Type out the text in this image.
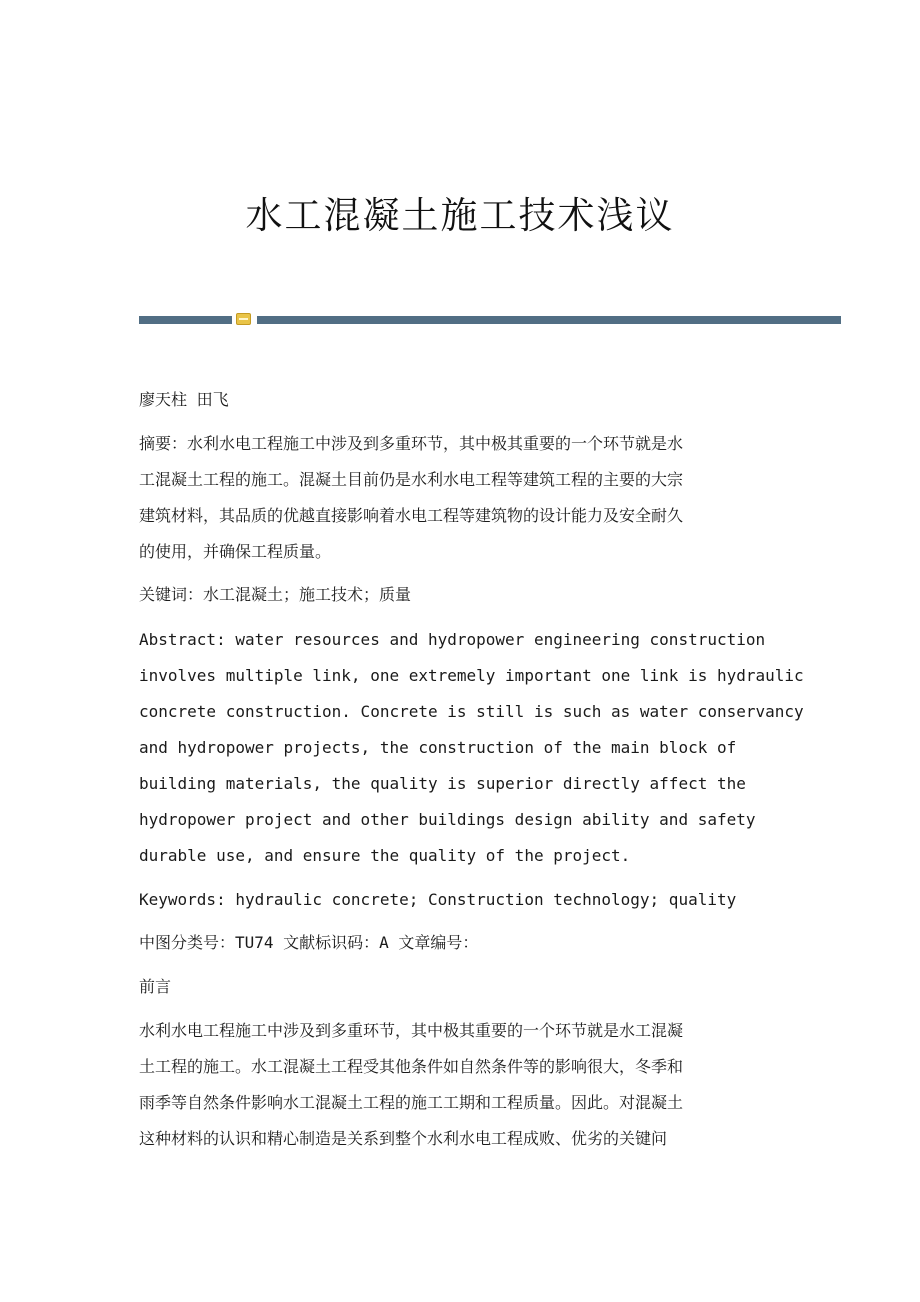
水工混凝土施工技术浅议

廖天柱 田飞

摘要：水利水电工程施工中涉及到多重环节，其中极其重要的一个环节就是水
工混凝土工程的施工。混凝土目前仍是水利水电工程等建筑工程的主要的大宗
建筑材料，其品质的优越直接影响着水电工程等建筑物的设计能力及安全耐久
的使用，并确保工程质量。

关键词：水工混凝土；施工技术；质量

Abstract: water resources and hydropower engineering construction
involves multiple link, one extremely important one link is hydraulic
concrete construction. Concrete is still is such as water conservancy
and hydropower projects, the construction of the main block of
building materials, the quality is superior directly affect the
hydropower project and other buildings design ability and safety
durable use, and ensure the quality of the project.

Keywords: hydraulic concrete; Construction technology; quality

中图分类号：TU74 文献标识码：A 文章编号：

前言

水利水电工程施工中涉及到多重环节，其中极其重要的一个环节就是水工混凝
土工程的施工。水工混凝土工程受其他条件如自然条件等的影响很大，冬季和
雨季等自然条件影响水工混凝土工程的施工工期和工程质量。因此。对混凝土
这种材料的认识和精心制造是关系到整个水利水电工程成败、优劣的关键问
